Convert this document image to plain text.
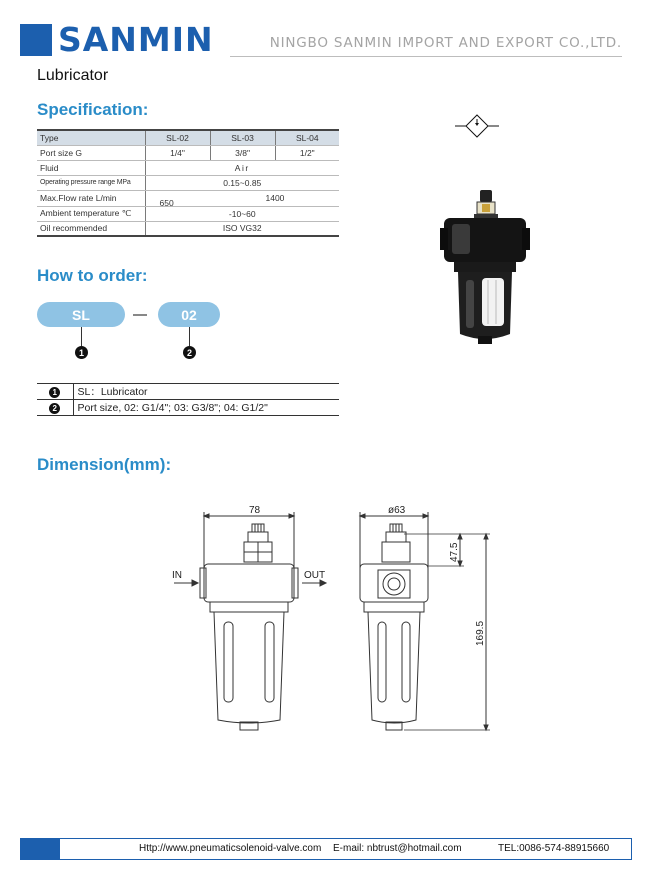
SANMIN	NINGBO SANMIN IMPORT AND EXPORT CO.,LTD.
Lubricator
Specification:
Type	SL-02	SL-03	SL-04
Port size G	1/4"	3/8"	1/2"
Fluid	Air		
Operating pressure range MPa	0.15~0.85		
Max.Flow rate L/min	650 1400		

Ambient temperature ℃	-10~60		
Oil recommended	ISO VG32		
How to order:
SL	02
1	2
1	SL：Lubricator
2	Port size, 02: G1/4"; 03: G3/8"; 04: G1/2"
Dimension(mm):
78	ø63
IN	OUT
47.5
169.5
Http://www.pneumaticsolenoid-valve.com E-mail: nbtrust@hotmail.com	TEL:0086-574-88915660
